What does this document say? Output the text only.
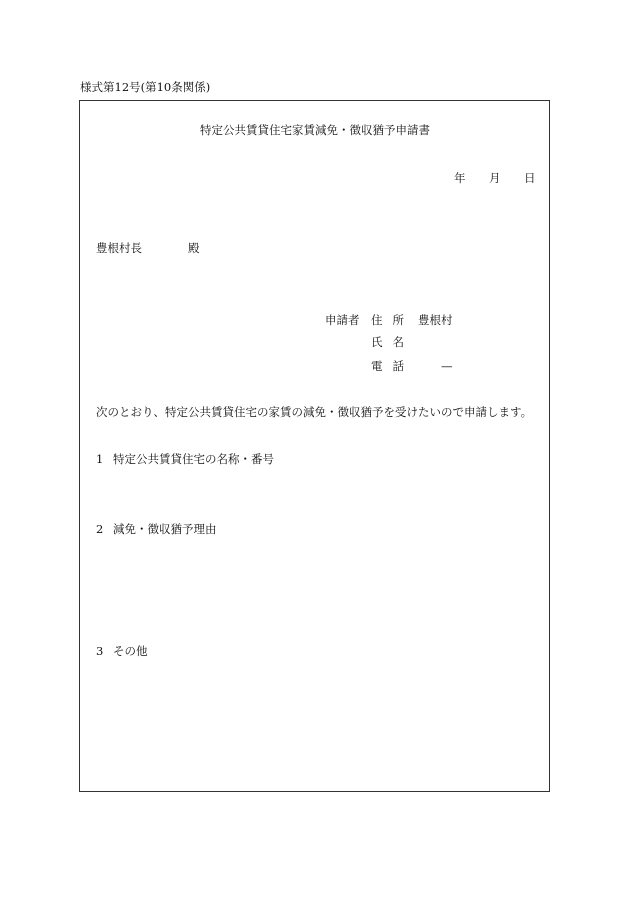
様式第12号(第10条関係)
特定公共賃貸住宅家賃減免・徴収猶予申請書
年 月 日
豊根村長	殿
申請者 住所 豊根村
氏名
電話 —
次のとおり、特定公共賃貸住宅の家賃の減免・徴収猶予を受けたいので申請します。
1 特定公共賃貸住宅の名称・番号
2 減免・徴収猶予理由
3 その他
